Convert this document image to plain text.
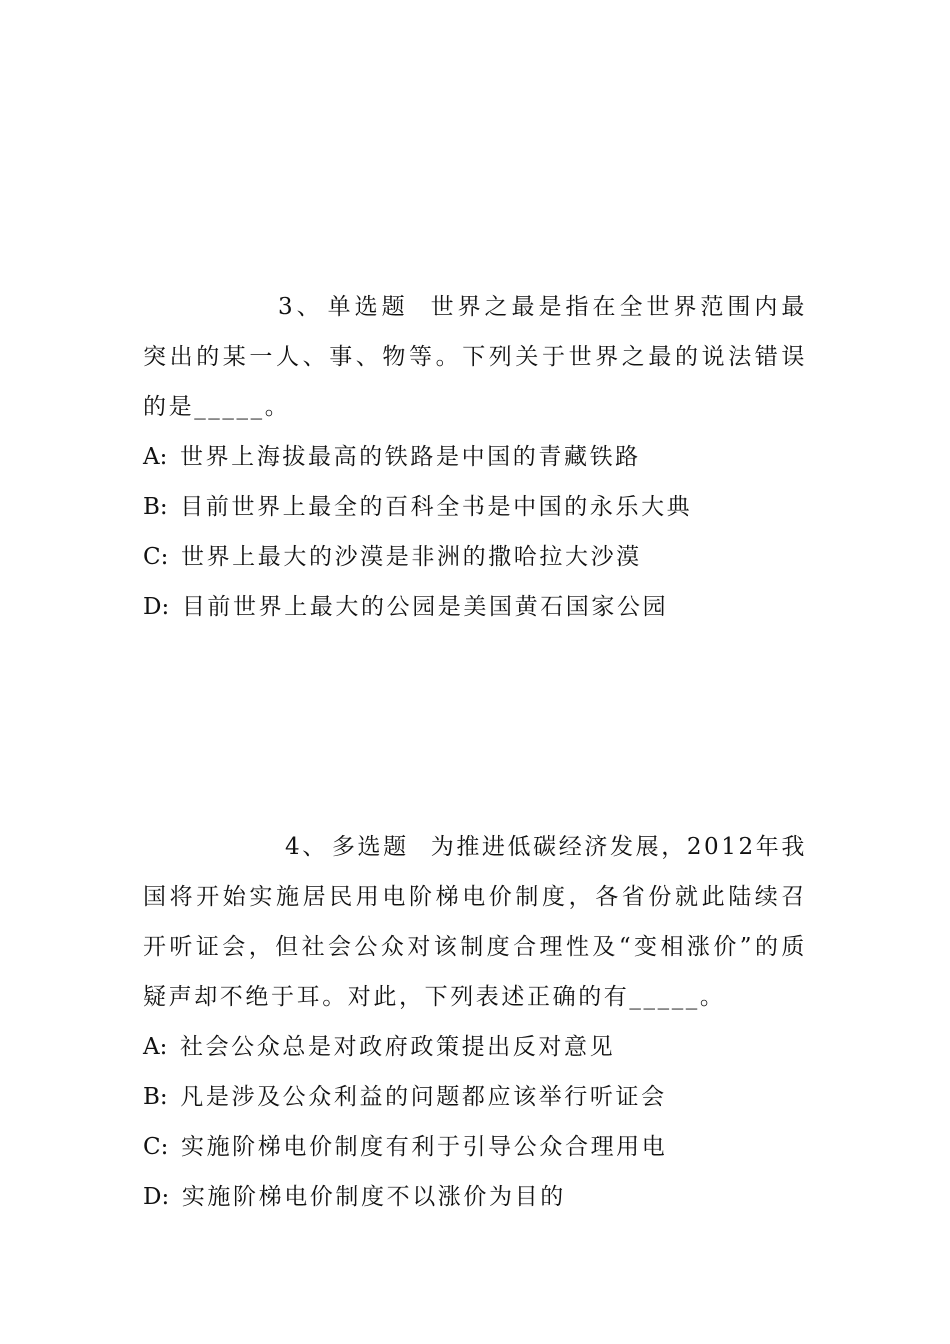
3、 单选题 世界之最是指在全世界范围内最突出的某一人、事、物等。下列关于世界之最的说法错误的是_____。

A: 世界上海拔最高的铁路是中国的青藏铁路
B: 目前世界上最全的百科全书是中国的永乐大典
C: 世界上最大的沙漠是非洲的撒哈拉大沙漠
D: 目前世界上最大的公园是美国黄石国家公园

4、 多选题 为推进低碳经济发展，2012年我国将开始实施居民用电阶梯电价制度，各省份就此陆续召开听证会，但社会公众对该制度合理性及“变相涨价”的质疑声却不绝于耳。对此，下列表述正确的有_____。

A: 社会公众总是对政府政策提出反对意见
B: 凡是涉及公众利益的问题都应该举行听证会
C: 实施阶梯电价制度有利于引导公众合理用电
D: 实施阶梯电价制度不以涨价为目的
